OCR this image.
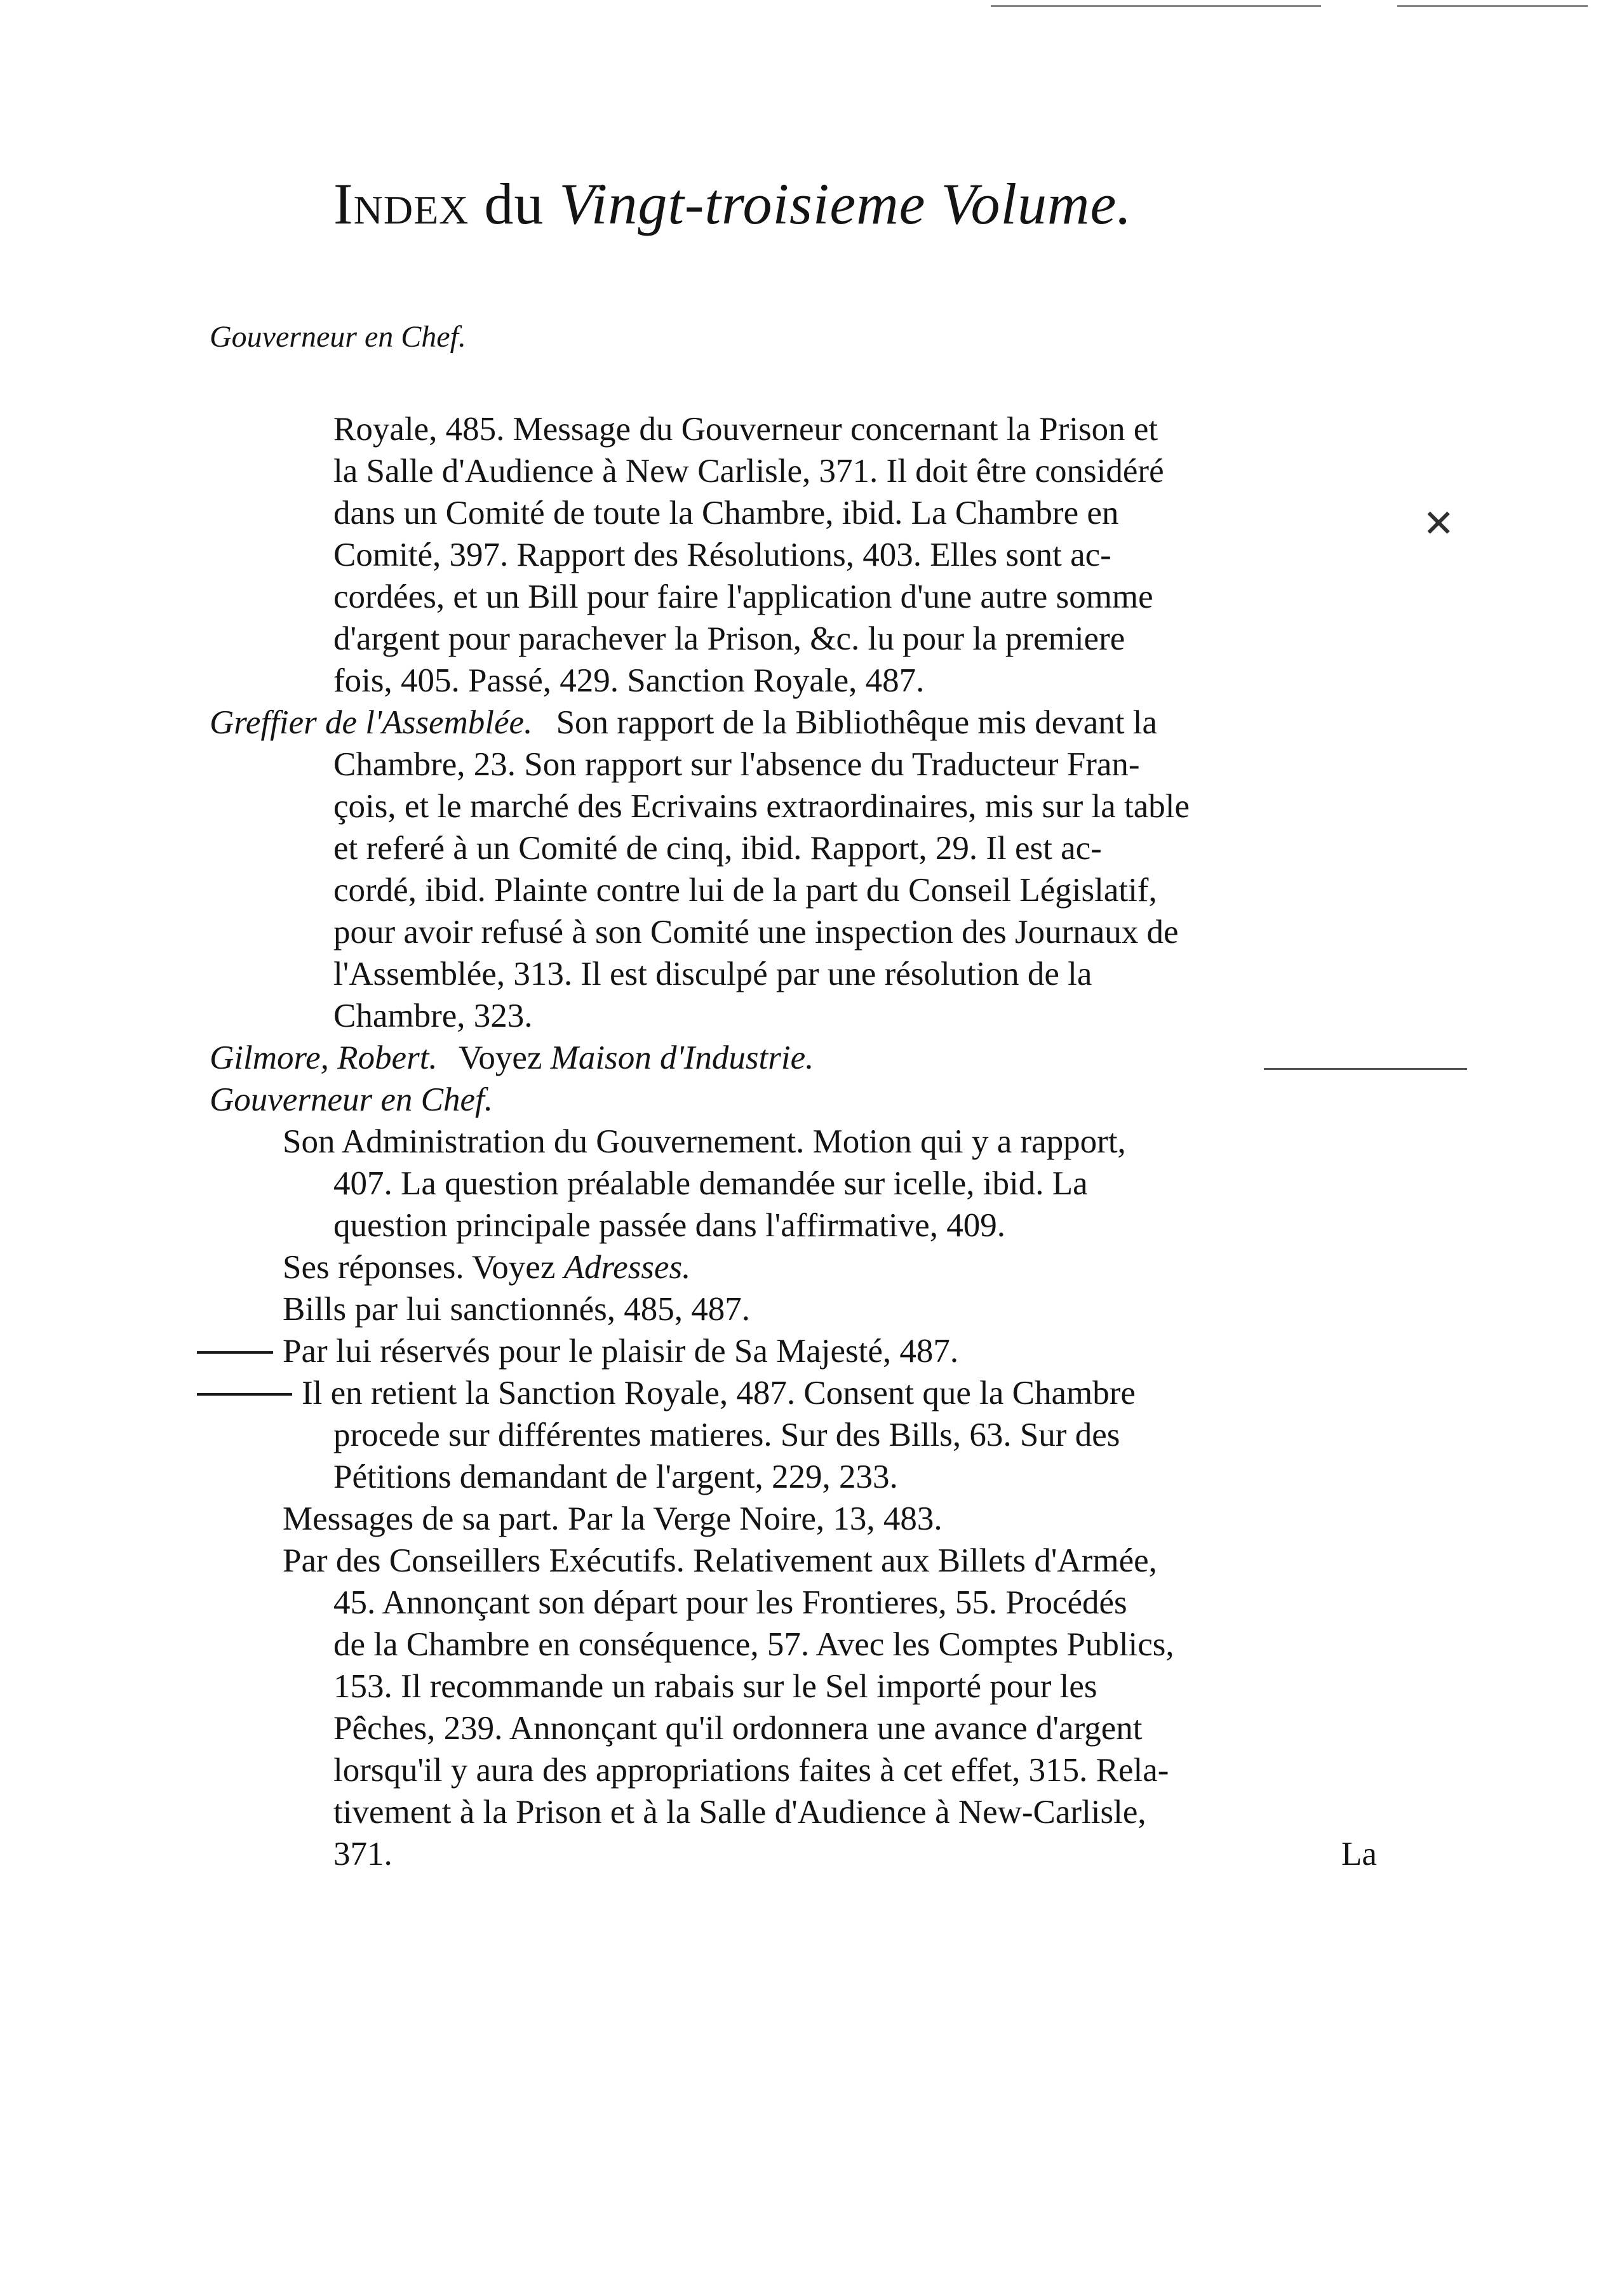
Index du Vingt-troisieme Volume.
Gouverneur en Chef.
Royale, 485. Message du Gouverneur concernant la Prison et
la Salle d'Audience à New Carlisle, 371. Il doit être considéré
dans un Comité de toute la Chambre, ibid. La Chambre en
Comité, 397. Rapport des Résolutions, 403. Elles sont ac-
cordées, et un Bill pour faire l'application d'une autre somme
d'argent pour parachever la Prison, &c. lu pour la premiere
fois, 405. Passé, 429. Sanction Royale, 487.
Greffier de l'Assemblée. Son rapport de la Bibliothêque mis devant la
Chambre, 23. Son rapport sur l'absence du Traducteur Fran-
çois, et le marché des Ecrivains extraordinaires, mis sur la table
et referé à un Comité de cinq, ibid. Rapport, 29. Il est ac-
cordé, ibid. Plainte contre lui de la part du Conseil Législatif,
pour avoir refusé à son Comité une inspection des Journaux de
l'Assemblée, 313. Il est disculpé par une résolution de la
Chambre, 323.
Gilmore, Robert. Voyez Maison d'Industrie.
Gouverneur en Chef.
Son Administration du Gouvernement. Motion qui y a rapport,
407. La question préalable demandée sur icelle, ibid. La
question principale passée dans l'affirmative, 409.
Ses réponses. Voyez Adresses.
Bills par lui sanctionnés, 485, 487.
Par lui réservés pour le plaisir de Sa Majesté, 487.
Il en retient la Sanction Royale, 487. Consent que la Chambre
procede sur différentes matieres. Sur des Bills, 63. Sur des
Pétitions demandant de l'argent, 229, 233.
Messages de sa part. Par la Verge Noire, 13, 483.
Par des Conseillers Exécutifs. Relativement aux Billets d'Armée,
45. Annonçant son départ pour les Frontieres, 55. Procédés
de la Chambre en conséquence, 57. Avec les Comptes Publics,
153. Il recommande un rabais sur le Sel importé pour les
Pêches, 239. Annonçant qu'il ordonnera une avance d'argent
lorsqu'il y aura des appropriations faites à cet effet, 315. Rela-
tivement à la Prison et à la Salle d'Audience à New-Carlisle,
371.	La
✕
